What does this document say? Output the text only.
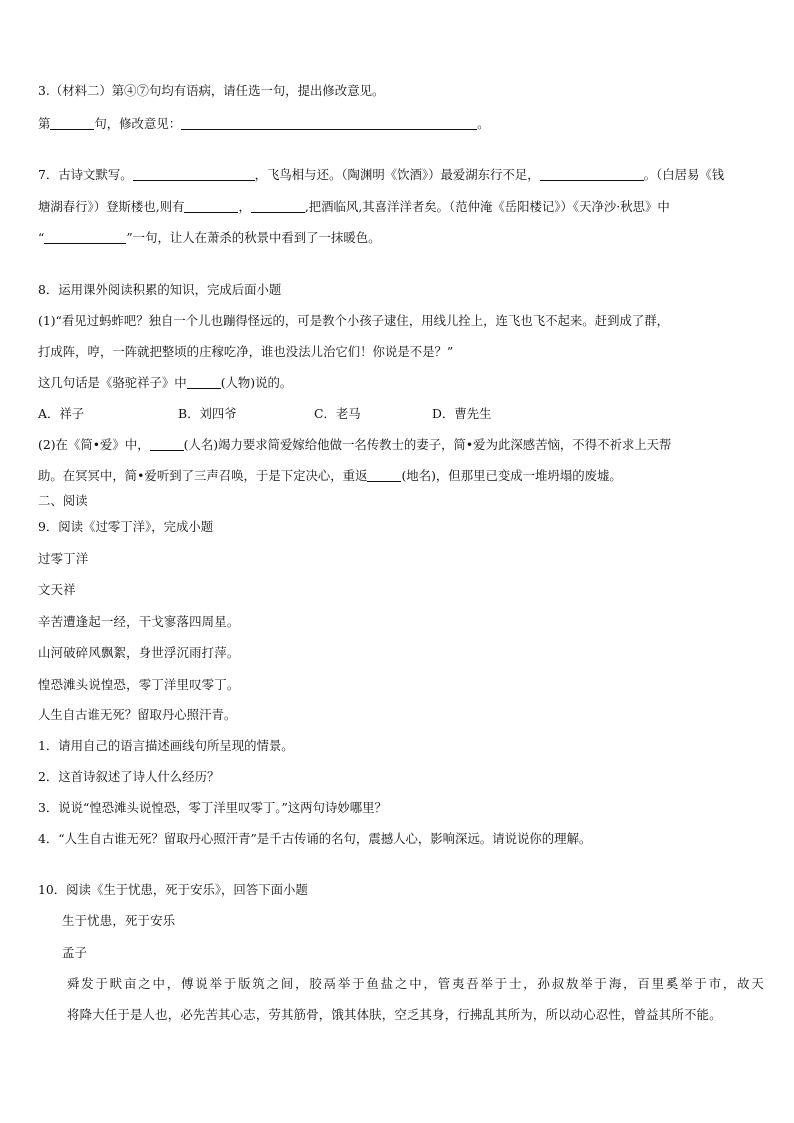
3.（材料二）第④⑦句均有语病，请任选一句，提出修改意见。
第	句，修改意见：	。
7．古诗文默写。	，飞鸟相与还。（陶渊明《饮酒》）最爱湖东行不足，	。（白居易《钱
塘湖春行》）登斯楼也,则有	，	,把酒临风,其喜洋洋者矣。（范仲淹《岳阳楼记》）《天净沙·秋思》中
“	”一句，让人在萧杀的秋景中看到了一抹暖色。
8．运用课外阅读积累的知识，完成后面小题
(1)“看见过蚂蚱吧？独自一个儿也蹦得怪远的，可是教个小孩子逮住，用线儿拴上，连飞也飞不起来。赶到成了群，
打成阵，哼，一阵就把整顷的庄稼吃净，谁也没法儿治它们！你说是不是？”
这几句话是《骆驼祥子》中	(人物)说的。
A．祥子	B．刘四爷	C．老马	D．曹先生
(2)在《简•爱》中，	(人名)竭力要求简爱嫁给他做一名传教士的妻子，简•爱为此深感苦恼，不得不祈求上天帮
助。在冥冥中，简•爱听到了三声召唤，于是下定决心，重返	(地名)，但那里已变成一堆坍塌的废墟。
二、阅读
9．阅读《过零丁洋》，完成小题
过零丁洋
文天祥
辛苦遭逢起一经，干戈寥落四周星。
山河破碎风飘絮，身世浮沉雨打萍。
惶恐滩头说惶恐，零丁洋里叹零丁。
人生自古谁无死？留取丹心照汗青。
1．请用自己的语言描述画线句所呈现的情景。
2．这首诗叙述了诗人什么经历？
3．说说“惶恐滩头说惶恐，零丁洋里叹零丁。”这两句诗妙哪里？
4．“人生自古谁无死？留取丹心照汗青”是千古传诵的名句，震撼人心，影响深远。请说说你的理解。
10．阅读《生于忧患，死于安乐》，回答下面小题
生于忧患，死于安乐
孟子
舜发于畎亩之中，傅说举于版筑之间，胶鬲举于鱼盐之中，管夷吾举于士，孙叔敖举于海，百里奚举于市，故天
将降大任于是人也，必先苦其心志，劳其筋骨，饿其体肤，空乏其身，行拂乱其所为，所以动心忍性，曾益其所不能。
